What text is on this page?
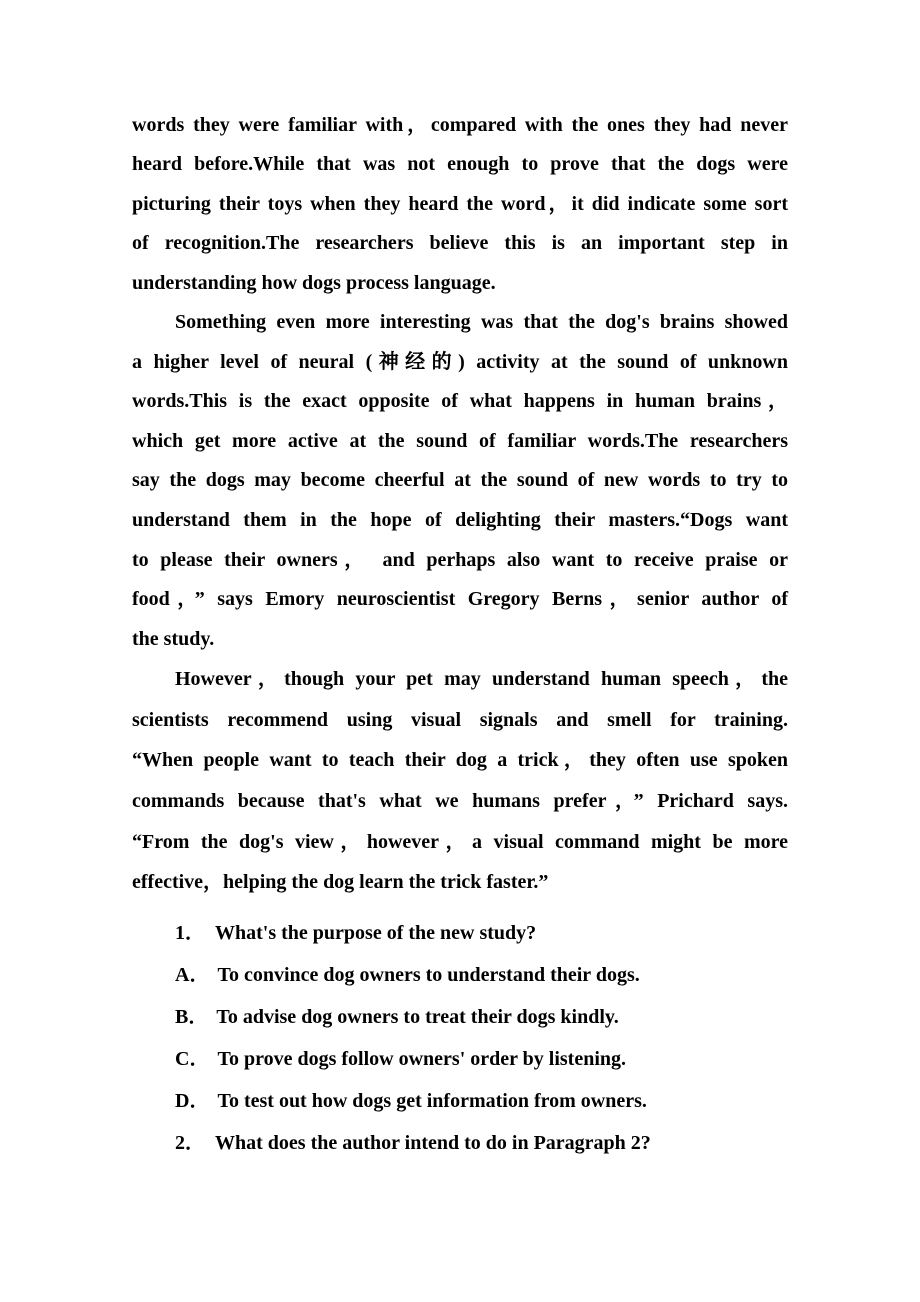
words they were familiar with，compared with the ones they had never
heard before.While that was not enough to prove that the dogs were
picturing their toys when they heard the word，it did indicate some sort
of recognition.The researchers believe this is an important step in
understanding how dogs process language.
Something even more interesting was that the dog's brains showed
a higher level of neural (神经的) activity at the sound of unknown
words.This is the exact opposite of what happens in human brains，
which get more active at the sound of familiar words.The researchers
say the dogs may become cheerful at the sound of new words to try to
understand them in the hope of delighting their masters.“Dogs want
to please their owners， and perhaps also want to receive praise or
food，” says Emory neuroscientist Gregory Berns，senior author of
the study.
However，though your pet may understand human speech，the
scientists recommend using visual signals and smell for training.
“When people want to teach their dog a trick，they often use spoken
commands because that's what we humans prefer，” Prichard says.
“From the dog's view，however，a visual command might be more
effective，helping the dog learn the trick faster.”
1． What's the purpose of the new study?
A． To convince dog owners to understand their dogs.
B． To advise dog owners to treat their dogs kindly.
C． To prove dogs follow owners' order by listening.
D． To test out how dogs get information from owners.
2． What does the author intend to do in Paragraph 2?
